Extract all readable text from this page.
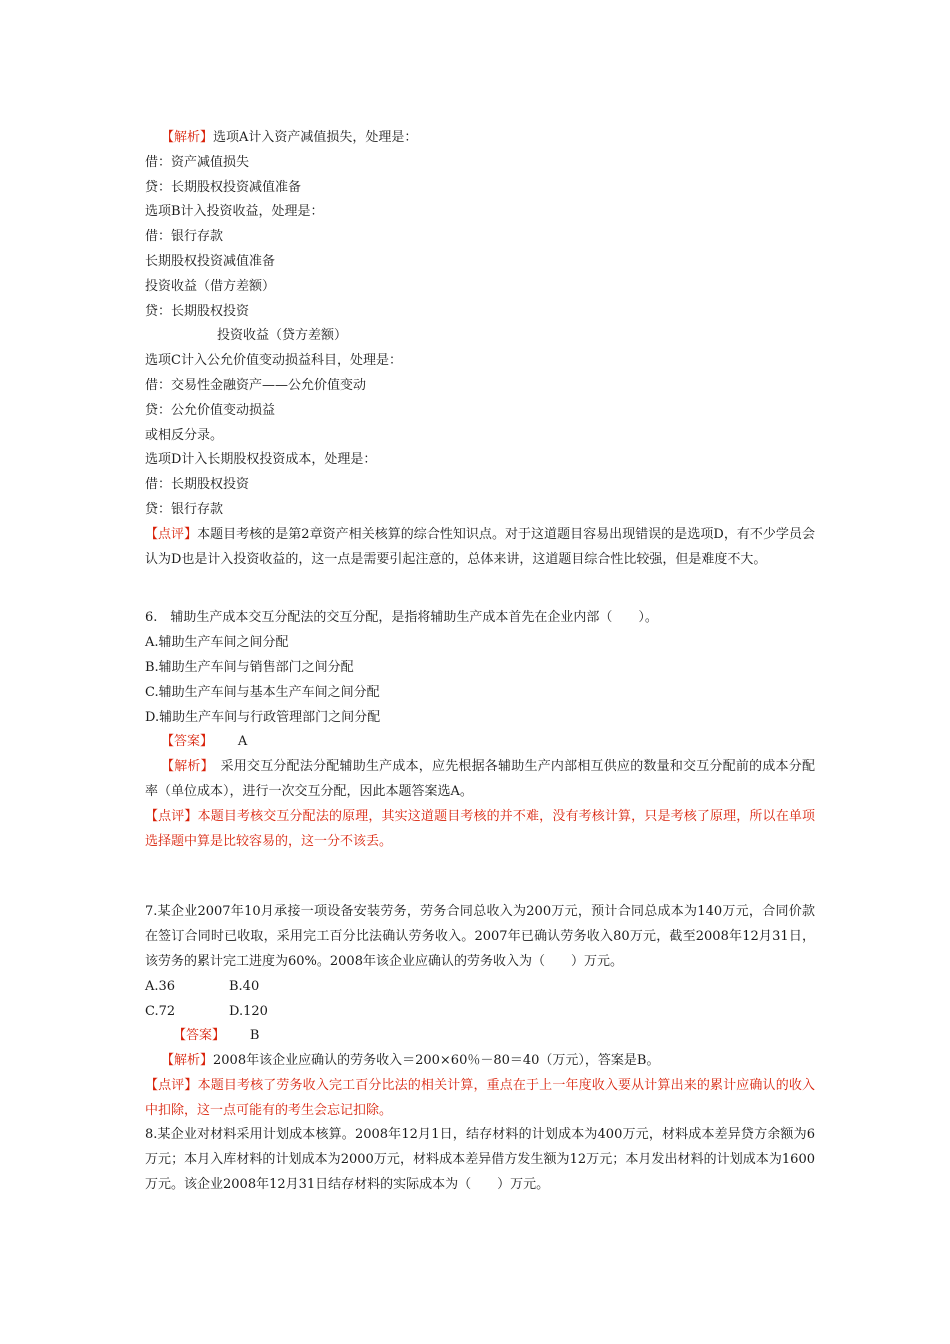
【解析】选项A计入资产减值损失，处理是：
借：资产减值损失
贷：长期股权投资减值准备
选项B计入投资收益，处理是：
借：银行存款
长期股权投资减值准备
投资收益（借方差额）
贷：长期股权投资
投资收益（贷方差额）
选项C计入公允价值变动损益科目，处理是：
借：交易性金融资产——公允价值变动
贷：公允价值变动损益
或相反分录。
选项D计入长期股权投资成本，处理是：
借：长期股权投资
贷：银行存款
【点评】本题目考核的是第2章资产相关核算的综合性知识点。对于这道题目容易出现错误的是选项D，有不少学员会认为D也是计入投资收益的，这一点是需要引起注意的，总体来讲，这道题目综合性比较强，但是难度不大。
6.　辅助生产成本交互分配法的交互分配，是指将辅助生产成本首先在企业内部（　　）。
A.辅助生产车间之间分配
B.辅助生产车间与销售部门之间分配
C.辅助生产车间与基本生产车间之间分配
D.辅助生产车间与行政管理部门之间分配
【答案】 A
【解析】　采用交互分配法分配辅助生产成本，应先根据各辅助生产内部相互供应的数量和交互分配前的成本分配率（单位成本），进行一次交互分配，因此本题答案选A。
【点评】本题目考核交互分配法的原理，其实这道题目考核的并不难，没有考核计算，只是考核了原理，所以在单项选择题中算是比较容易的，这一分不该丢。
7.某企业2007年10月承接一项设备安装劳务，劳务合同总收入为200万元，预计合同总成本为140万元，合同价款在签订合同时已收取，采用完工百分比法确认劳务收入。2007年已确认劳务收入80万元，截至2008年12月31日，该劳务的累计完工进度为60%。2008年该企业应确认的劳务收入为（　　）万元。
A.36	B.40
C.72	D.120
【答案】 B
【解析】2008年该企业应确认的劳务收入＝200×60％－80＝40（万元），答案是B。
【点评】本题目考核了劳务收入完工百分比法的相关计算，重点在于上一年度收入要从计算出来的累计应确认的收入中扣除，这一点可能有的考生会忘记扣除。
8.某企业对材料采用计划成本核算。2008年12月1日，结存材料的计划成本为400万元，材料成本差异贷方余额为6万元；本月入库材料的计划成本为2000万元，材料成本差异借方发生额为12万元；本月发出材料的计划成本为1600万元。该企业2008年12月31日结存材料的实际成本为（　　）万元。
